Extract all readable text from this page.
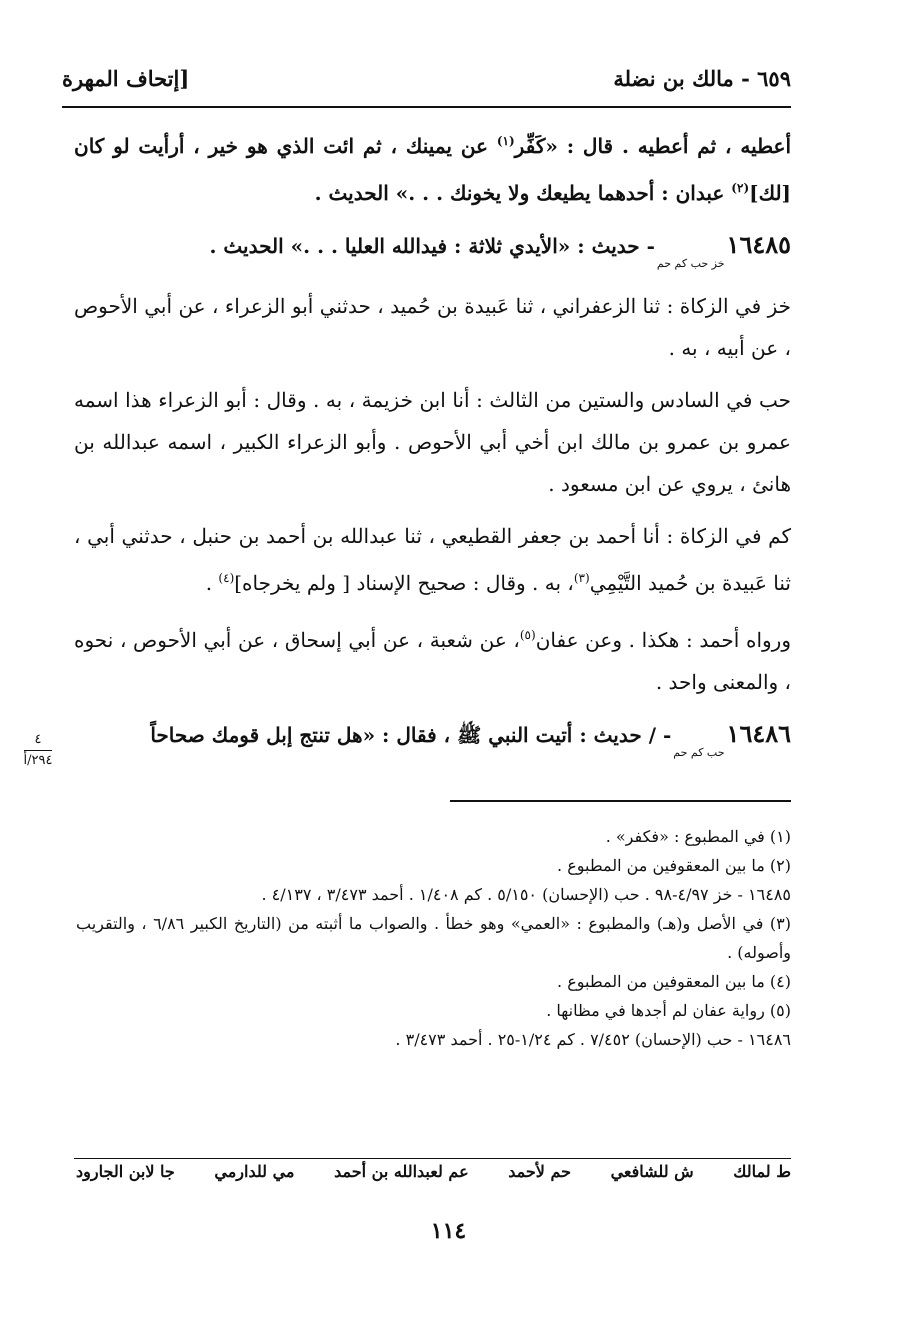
٦٥٩ - مالك بن نضلة
[إتحاف المهرة

أعطيه ، ثم أعطيه . قال : «كَفِّر$^{(١)}$ عن يمينك ، ثم ائت الذي هو خير ، أرأيت لو كان [لك]$^{(٢)}$ عبدان : أحدهما يطيعك ولا يخونك . . .» الحديث .

$١٦٤٨٥_{خز حب كم حم}-$ حديث : «الأيدي ثلاثة : فيدالله العليا . . .» الحديث .

خز في الزكاة : ثنا الزعفراني ، ثنا عَبيدة بن حُميد ، حدثني أبو الزعراء ، عن أبي الأحوص ، عن أبيه ، به .

حب في السادس والستين من الثالث : أنا ابن خزيمة ، به . وقال : أبو الزعراء هذا اسمه عمرو بن عمرو بن مالك ابن أخي أبي الأحوص . وأبو الزعراء الكبير ، اسمه عبدالله بن هانئ ، يروي عن ابن مسعود .

كم في الزكاة : أنا أحمد بن جعفر القطيعي ، ثنا عبدالله بن أحمد بن حنبل ، حدثني أبي ، ثنا عَبيدة بن حُميد التَّيْمِي$^{(٣)}$، به . وقال : صحيح الإسناد [ ولم يخرجاه]$^{(٤)}$ .

ورواه أحمد : هكذا . وعن عفان$^{(٥)}$، عن شعبة ، عن أبي إسحاق ، عن أبي الأحوص ، نحوه ، والمعنى واحد .

$١٦٤٨٦_{حب كم حم}-$ / حديث : أتيت النبي ﷺ ، فقال : «هل تنتج إبل قومك صحاحاً

٤
٢٩٤/أ

(١) في المطبوع : «فكفر» .

(٢) ما بين المعقوفين من المطبوع .

١٦٤٨٥ - خز ٤/٩٧-٩٨ . حب (الإحسان) ٥/١٥٠ . كم ١/٤٠٨ . أحمد ٣/٤٧٣ ، ٤/١٣٧ .

(٣) في الأصل و(هـ) والمطبوع : «العمي» وهو خطأ . والصواب ما أثبته من (التاريخ الكبير ٦/٨٦ ، والتقريب وأصوله) .

(٤) ما بين المعقوفين من المطبوع .

(٥) رواية عفان لم أجدها في مظانها .

١٦٤٨٦ - حب (الإحسان) ٧/٤٥٢ . كم ١/٢٤-٢٥ . أحمد ٣/٤٧٣ .

ط لمالك
ش للشافعي
حم لأحمد
عم لعبدالله بن أحمد
مي للدارمي
جا لابن الجارود
١١٤
